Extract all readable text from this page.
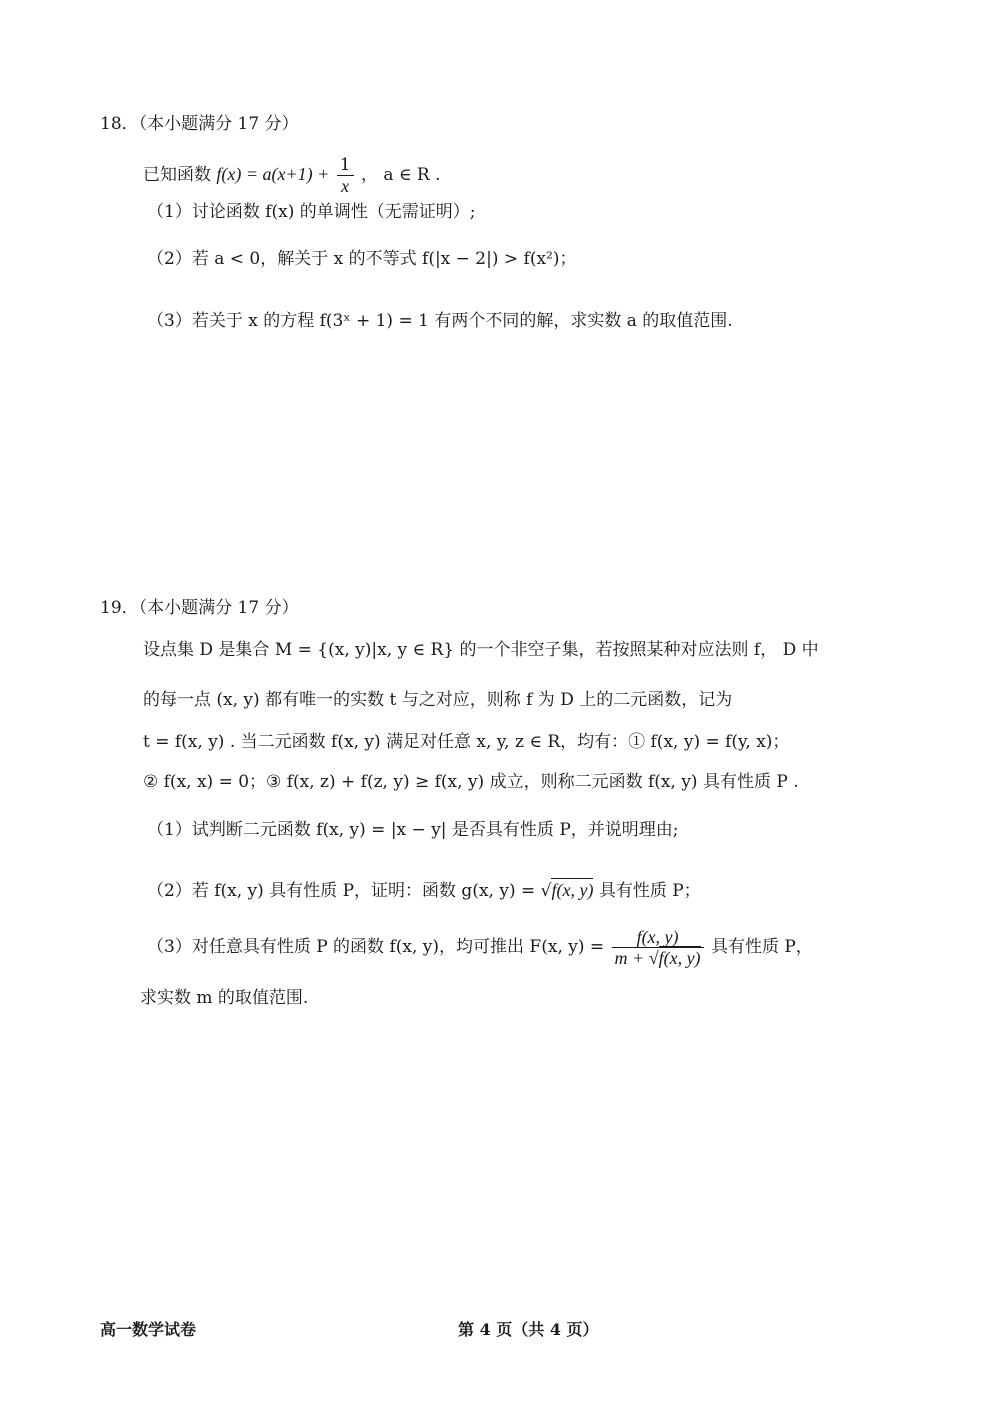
18．（本小题满分 17 分）
已知函数 $f(x) = a(x+1) + \frac{1}{x}$ ， a ∈ R .
（1）讨论函数 f(x) 的单调性（无需证明）;
（2）若 a < 0，解关于 x 的不等式 f(|x − 2|) > f(x²)；
（3）若关于 x 的方程 f(3ˣ + 1) = 1 有两个不同的解，求实数 a 的取值范围.
19．（本小题满分 17 分）
设点集 D 是集合 M = {(x, y)|x, y ∈ R} 的一个非空子集，若按照某种对应法则 f， D 中
的每一点 (x, y) 都有唯一的实数 t 与之对应，则称 f 为 D 上的二元函数，记为
t = f(x, y) . 当二元函数 f(x, y) 满足对任意 x, y, z ∈ R，均有：① f(x, y) = f(y, x)；
② f(x, x) = 0；③ f(x, z) + f(z, y) ≥ f(x, y) 成立，则称二元函数 f(x, y) 具有性质 P .
（1）试判断二元函数 f(x, y) = |x − y| 是否具有性质 P，并说明理由;
（2）若 f(x, y) 具有性质 P，证明：函数 g(x, y) = √f(x, y) 具有性质 P；
（3）对任意具有性质 P 的函数 f(x, y)，均可推出 F(x, $y) = \frac{f(x, y)}{m + √f(x, y)}$ 具有性质 P，
求实数 m 的取值范围.
高一数学试卷	第 4 页（共 4 页）
